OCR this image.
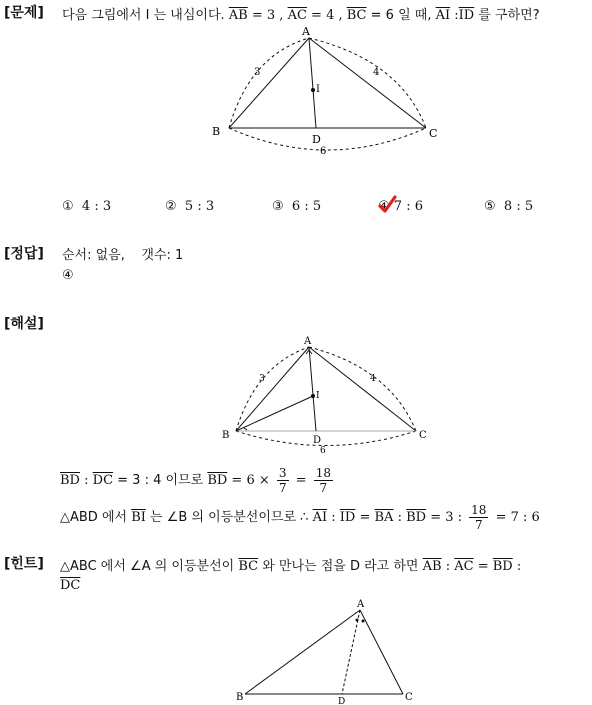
[문제] 다음 그림에서 I 는 내심이다. $\overline{AB} = 3$ , $\overline{AC} = 4$ , $\overline{BC} = 6$ 일 때, $\overline{AI}$ $:\overline{ID}$ 를 구하면?
A
B	C
D
I
3	4
6
A
B	C
D
I
3	4
6
A
B	C
D
① 4 : 3	② 5 : 3	③ 6 : 5	④ 7 : 6	⑤ 8 : 5
[정답] 순서: 없음, 갯수: 1
④
[해설]
$\overline{BD}$ : $\overline{DC} = 3$ : 4 이므로 $\overline{BD} = 6 \times \frac{3}{7} = \frac{18}{7}$
△ABD 에서 $\overline{BI}$ 는 ∠B 의 이등분선이므로 ∴ $\overline{AI}$ : $\overline{ID} = \overline{BA}$ : $\overline{BD} = 3$ : $\frac{18}{7} = 7$ : 6
[힌트] △ABC 에서 ∠A 의 이등분선이 $\overline{BC}$ 와 만나는 점을 D 라고 하면 $\overline{AB}$ : $\overline{AC} = \overline{BD}$ :
$\overline{DC}$
